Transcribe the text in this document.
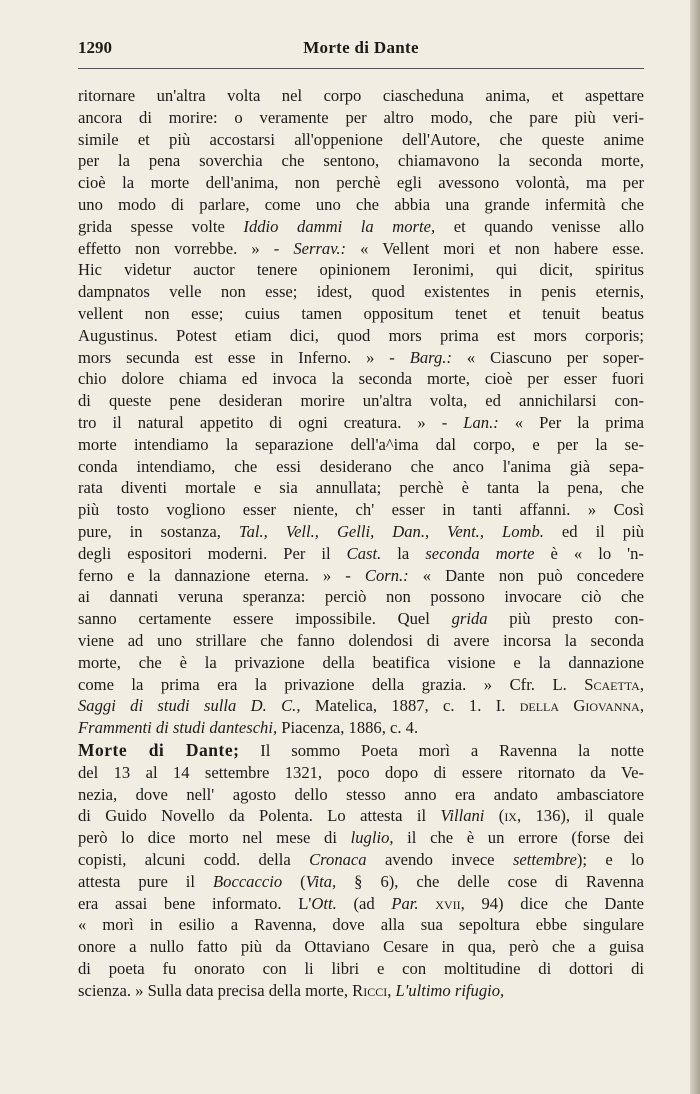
Morte di Dante
1290
ritornare un'altra volta nel corpo ciascheduna anima, et aspettare
ancora di morire: o veramente per altro modo, che pare più veri-
simile et più accostarsi all'oppenione dell'Autore, che queste anime
per la pena soverchia che sentono, chiamavono la seconda morte,
cioè la morte dell'anima, non perchè egli avessono volontà, ma per
uno modo di parlare, come uno che abbia una grande infermità che
grida spesse volte Iddio dammi la morte, et quando venisse allo
effetto non vorrebbe. » - Serrav.: « Vellent mori et non habere esse.
Hic videtur auctor tenere opinionem Ieronimi, qui dicit, spiritus
dampnatos velle non esse; idest, quod existentes in penis eternis,
vellent non esse; cuius tamen oppositum tenet et tenuit beatus
Augustinus. Potest etiam dici, quod mors prima est mors corporis;
mors secunda est esse in Inferno. » - Barg.: « Ciascuno per soper-
chio dolore chiama ed invoca la seconda morte, cioè per esser fuori
di queste pene desideran morire un'altra volta, ed annichilarsi con-
tro il natural appetito di ogni creatura. » - Lan.: « Per la prima
morte intendiamo la separazione dell'a^ima dal corpo, e per la se-
conda intendiamo, che essi desiderano che anco l'anima già sepa-
rata diventi mortale e sia annullata; perchè è tanta la pena, che
più tosto vogliono esser niente, ch' esser in tanti affanni. » Così
pure, in sostanza, Tal., Vell., Gelli, Dan., Vent., Lomb. ed il più
degli espositori moderni. Per il Cast. la seconda morte è « lo 'n-
ferno e la dannazione eterna. » - Corn.: « Dante non può concedere
ai dannati veruna speranza: perciò non possono invocare ciò che
sanno certamente essere impossibile. Quel grida più presto con-
viene ad uno strillare che fanno dolendosi di avere incorsa la seconda
morte, che è la privazione della beatifica visione e la dannazione
come la prima era la privazione della grazia. » Cfr. L. Scaetta,
Saggi di studi sulla D. C., Matelica, 1887, c. 1. I. della Giovanna,
Frammenti di studi danteschi, Piacenza, 1886, c. 4.
Morte di Dante; Il sommo Poeta morì a Ravenna la notte
del 13 al 14 settembre 1321, poco dopo di essere ritornato da Ve-
nezia, dove nell' agosto dello stesso anno era andato ambasciatore
di Guido Novello da Polenta. Lo attesta il Villani (ix, 136), il quale
però lo dice morto nel mese di luglio, il che è un errore (forse dei
copisti, alcuni codd. della Cronaca avendo invece settembre); e lo
attesta pure il Boccaccio (Vita, § 6), che delle cose di Ravenna
era assai bene informato. L'Ott. (ad Par. xvii, 94) dice che Dante
« morì in esilio a Ravenna, dove alla sua sepoltura ebbe singulare
onore a nullo fatto più da Ottaviano Cesare in qua, però che a guisa
di poeta fu onorato con li libri e con moltitudine di dottori di
scienza. » Sulla data precisa della morte, Ricci, L'ultimo rifugio,
